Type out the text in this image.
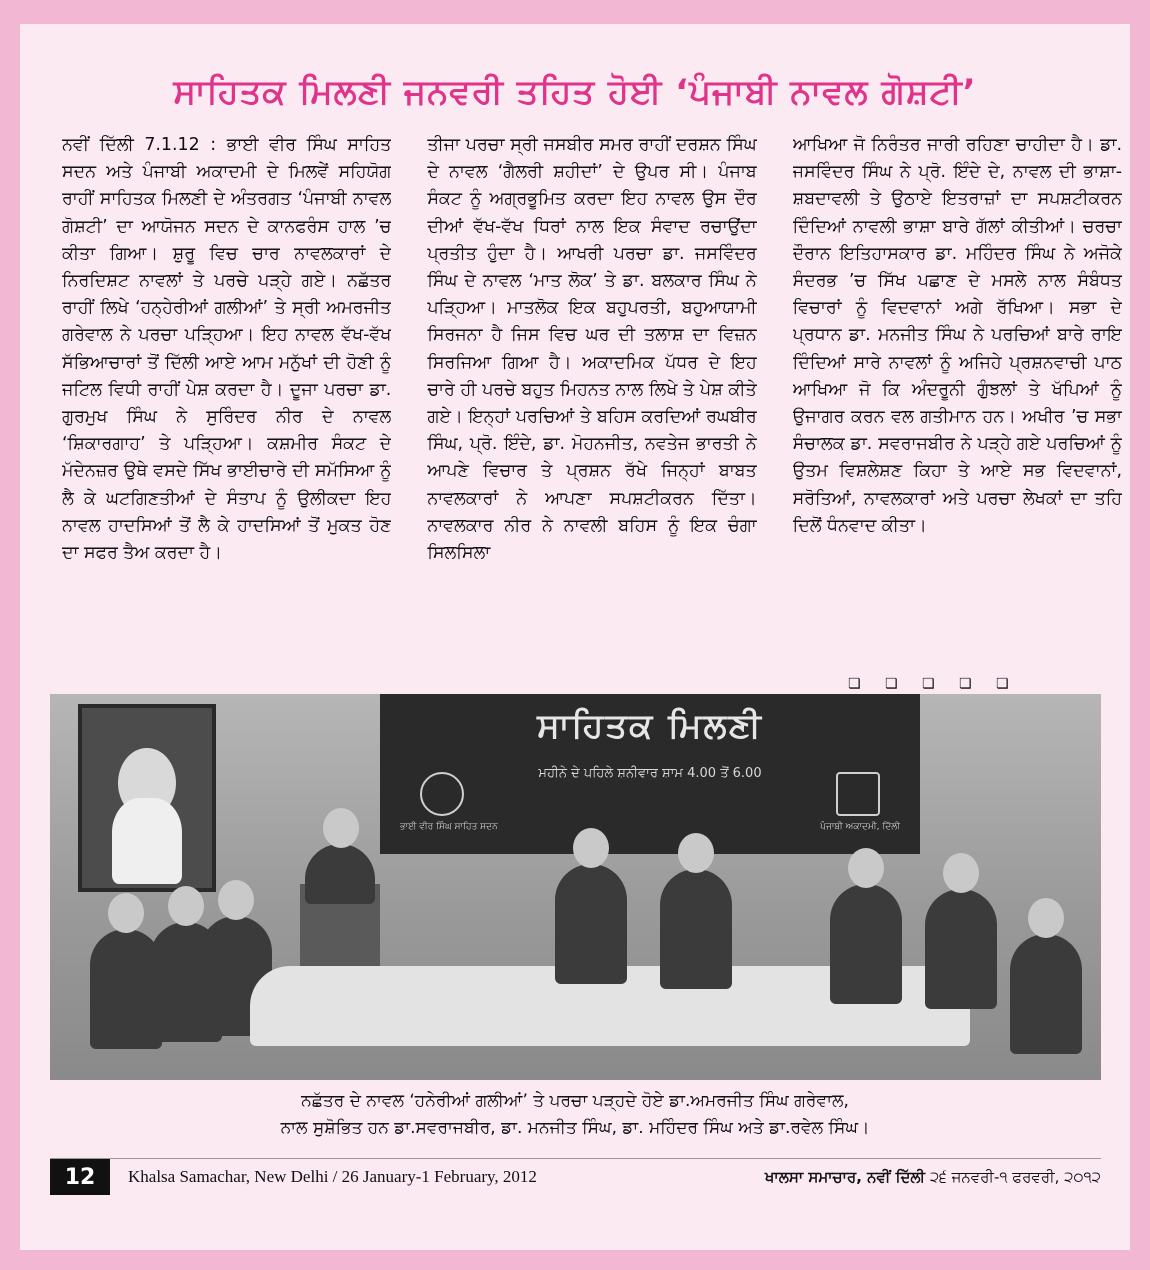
ਸਾਹਿਤਕ ਮਿਲਣੀ ਜਨਵਰੀ ਤਹਿਤ ਹੋਈ ‘ਪੰਜਾਬੀ ਨਾਵਲ ਗੋਸ਼ਟੀ’

ਨਵੀਂ ਦਿੱਲੀ 7.1.12 : ਭਾਈ ਵੀਰ ਸਿੰਘ ਸਾਹਿਤ ਸਦਨ ਅਤੇ ਪੰਜਾਬੀ ਅਕਾਦਮੀ ਦੇ ਮਿਲਵੇਂ ਸਹਿਯੋਗ ਰਾਹੀਂ ਸਾਹਿਤਕ ਮਿਲਣੀ ਦੇ ਅੰਤਰਗਤ ‘ਪੰਜਾਬੀ ਨਾਵਲ ਗੋਸ਼ਟੀ’ ਦਾ ਆਯੋਜਨ ਸਦਨ ਦੇ ਕਾਨਫਰੰਸ ਹਾਲ ’ਚ ਕੀਤਾ ਗਿਆ। ਸ਼ੁਰੂ ਵਿਚ ਚਾਰ ਨਾਵਲਕਾਰਾਂ ਦੇ ਨਿਰਦਿਸ਼ਟ ਨਾਵਲਾਂ ਤੇ ਪਰਚੇ ਪੜ੍ਹੇ ਗਏ। ਨਛੱਤਰ ਰਾਹੀਂ ਲਿਖੇ ‘ਹਨ੍ਹੇਰੀਆਂ ਗਲੀਆਂ’ ਤੇ ਸ੍ਰੀ ਅਮਰਜੀਤ ਗਰੇਵਾਲ ਨੇ ਪਰਚਾ ਪੜ੍ਹਿਆ। ਇਹ ਨਾਵਲ ਵੱਖ-ਵੱਖ ਸੱਭਿਆਚਾਰਾਂ ਤੋਂ ਦਿੱਲੀ ਆਏ ਆਮ ਮਨੁੱਖਾਂ ਦੀ ਹੋਣੀ ਨੂੰ ਜਟਿਲ ਵਿਧੀ ਰਾਹੀਂ ਪੇਸ਼ ਕਰਦਾ ਹੈ। ਦੂਜਾ ਪਰਚਾ ਡਾ. ਗੁਰਮੁਖ ਸਿੰਘ ਨੇ ਸੁਰਿੰਦਰ ਨੀਰ ਦੇ ਨਾਵਲ ‘ਸ਼ਿਕਾਰਗਾਹ’ ਤੇ ਪੜ੍ਹਿਆ। ਕਸ਼ਮੀਰ ਸੰਕਟ ਦੇ ਮੱਦੇਨਜ਼ਰ ਉਥੇ ਵਸਦੇ ਸਿੱਖ ਭਾਈਚਾਰੇ ਦੀ ਸਮੱਸਿਆ ਨੂੰ ਲੈ ਕੇ ਘਟਗਿਣਤੀਆਂ ਦੇ ਸੰਤਾਪ ਨੂੰ ਉਲੀਕਦਾ ਇਹ ਨਾਵਲ ਹਾਦਸਿਆਂ ਤੋਂ ਲੈ ਕੇ ਹਾਦਸਿਆਂ ਤੋਂ ਮੁਕਤ ਹੋਣ ਦਾ ਸਫਰ ਤੈਅ ਕਰਦਾ ਹੈ।

ਤੀਜਾ ਪਰਚਾ ਸ੍ਰੀ ਜਸਬੀਰ ਸਮਰ ਰਾਹੀਂ ਦਰਸ਼ਨ ਸਿੰਘ ਦੇ ਨਾਵਲ ‘ਗੈਲਰੀ ਸ਼ਹੀਦਾਂ’ ਦੇ ਉਪਰ ਸੀ। ਪੰਜਾਬ ਸੰਕਟ ਨੂੰ ਅਗ੍ਰਭੂਮਿਤ ਕਰਦਾ ਇਹ ਨਾਵਲ ਉਸ ਦੌਰ ਦੀਆਂ ਵੱਖ-ਵੱਖ ਧਿਰਾਂ ਨਾਲ ਇਕ ਸੰਵਾਦ ਰਚਾਉਂਦਾ ਪ੍ਰਤੀਤ ਹੁੰਦਾ ਹੈ। ਆਖਰੀ ਪਰਚਾ ਡਾ. ਜਸਵਿੰਦਰ ਸਿੰਘ ਦੇ ਨਾਵਲ ‘ਮਾਤ ਲੋਕ’ ਤੇ ਡਾ. ਬਲਕਾਰ ਸਿੰਘ ਨੇ ਪੜ੍ਹਿਆ। ਮਾਤਲੋਕ ਇਕ ਬਹੁਪਰਤੀ, ਬਹੁਆਯਾਮੀ ਸਿਰਜਨਾ ਹੈ ਜਿਸ ਵਿਚ ਘਰ ਦੀ ਤਲਾਸ਼ ਦਾ ਵਿਜ਼ਨ ਸਿਰਜਿਆ ਗਿਆ ਹੈ। ਅਕਾਦਮਿਕ ਪੱਧਰ ਦੇ ਇਹ ਚਾਰੇ ਹੀ ਪਰਚੇ ਬਹੁਤ ਮਿਹਨਤ ਨਾਲ ਲਿਖੇ ਤੇ ਪੇਸ਼ ਕੀਤੇ ਗਏ। ਇਨ੍ਹਾਂ ਪਰਚਿਆਂ ਤੇ ਬਹਿਸ ਕਰਦਿਆਂ ਰਘਬੀਰ ਸਿੰਘ, ਪ੍ਰੋ. ਇੰਦੇ, ਡਾ. ਮੋਹਨਜੀਤ, ਨਵਤੇਜ ਭਾਰਤੀ ਨੇ ਆਪਣੇ ਵਿਚਾਰ ਤੇ ਪ੍ਰਸ਼ਨ ਰੱਖੇ ਜਿਨ੍ਹਾਂ ਬਾਬਤ ਨਾਵਲਕਾਰਾਂ ਨੇ ਆਪਣਾ ਸਪਸ਼ਟੀਕਰਨ ਦਿੱਤਾ। ਨਾਵਲਕਾਰ ਨੀਰ ਨੇ ਨਾਵਲੀ ਬਹਿਸ ਨੂੰ ਇਕ ਚੰਗਾ ਸਿਲਸਿਲਾ

ਆਖਿਆ ਜੋ ਨਿਰੰਤਰ ਜਾਰੀ ਰਹਿਣਾ ਚਾਹੀਦਾ ਹੈ। ਡਾ. ਜਸਵਿੰਦਰ ਸਿੰਘ ਨੇ ਪ੍ਰੋ. ਇੰਦੇ ਦੇ, ਨਾਵਲ ਦੀ ਭਾਸ਼ਾ-ਸ਼ਬਦਾਵਲੀ ਤੇ ਉਠਾਏ ਇਤਰਾਜ਼ਾਂ ਦਾ ਸਪਸ਼ਟੀਕਰਨ ਦਿੰਦਿਆਂ ਨਾਵਲੀ ਭਾਸ਼ਾ ਬਾਰੇ ਗੱਲਾਂ ਕੀਤੀਆਂ। ਚਰਚਾ ਦੌਰਾਨ ਇਤਿਹਾਸਕਾਰ ਡਾ. ਮਹਿੰਦਰ ਸਿੰਘ ਨੇ ਅਜੋਕੇ ਸੰਦਰਭ ’ਚ ਸਿੱਖ ਪਛਾਣ ਦੇ ਮਸਲੇ ਨਾਲ ਸੰਬੰਧਤ ਵਿਚਾਰਾਂ ਨੂੰ ਵਿਦਵਾਨਾਂ ਅਗੇ ਰੱਖਿਆ। ਸਭਾ ਦੇ ਪ੍ਰਧਾਨ ਡਾ. ਮਨਜੀਤ ਸਿੰਘ ਨੇ ਪਰਚਿਆਂ ਬਾਰੇ ਰਾਇ ਦਿੰਦਿਆਂ ਸਾਰੇ ਨਾਵਲਾਂ ਨੂੰ ਅਜਿਹੇ ਪ੍ਰਸ਼ਨਵਾਚੀ ਪਾਠ ਆਖਿਆ ਜੋ ਕਿ ਅੰਦਰੂਨੀ ਗੁੰਝਲਾਂ ਤੇ ਖੱਪਿਆਂ ਨੂੰ ਉਜਾਗਰ ਕਰਨ ਵਲ ਗਤੀਮਾਨ ਹਨ। ਅਖੀਰ ’ਚ ਸਭਾ ਸੰਚਾਲਕ ਡਾ. ਸਵਰਾਜਬੀਰ ਨੇ ਪੜ੍ਹੇ ਗਏ ਪਰਚਿਆਂ ਨੂੰ ਉਤਮ ਵਿਸ਼ਲੇਸ਼ਣ ਕਿਹਾ ਤੇ ਆਏ ਸਭ ਵਿਦਵਾਨਾਂ, ਸਰੋਤਿਆਂ, ਨਾਵਲਕਾਰਾਂ ਅਤੇ ਪਰਚਾ ਲੇਖਕਾਂ ਦਾ ਤਹਿ ਦਿਲੋਂ ਧੰਨਵਾਦ ਕੀਤਾ।

❏ ❏ ❏ ❏ ❏
ਸਾਹਿਤਕ ਮਿਲਣੀ
ਮਹੀਨੇ ਦੇ ਪਹਿਲੇ ਸ਼ਨੀਵਾਰ ਸ਼ਾਮ 4.00 ਤੋਂ 6.00
ਭਾਈ ਵੀਰ ਸਿੰਘ ਸਾਹਿਤ ਸਦਨ	ਪੰਜਾਬੀ ਅਕਾਦਮੀ, ਦਿੱਲੀ
ਨਛੱਤਰ ਦੇ ਨਾਵਲ ‘ਹਨੇਰੀਆਂ ਗਲੀਆਂ’ ਤੇ ਪਰਚਾ ਪੜ੍ਹਦੇ ਹੋਏ ਡਾ.ਅਮਰਜੀਤ ਸਿੰਘ ਗਰੇਵਾਲ,
ਨਾਲ ਸੁਸ਼ੋਭਿਤ ਹਨ ਡਾ.ਸਵਰਾਜਬੀਰ, ਡਾ. ਮਨਜੀਤ ਸਿੰਘ, ਡਾ. ਮਹਿੰਦਰ ਸਿੰਘ ਅਤੇ ਡਾ.ਰਵੇਲ ਸਿੰਘ।
12	Khalsa Samachar, New Delhi / 26 January-1 February, 2012	ਖਾਲਸਾ ਸਮਾਚਾਰ, ਨਵੀਂ ਦਿੱਲੀ ੨੬ ਜਨਵਰੀ-੧ ਫਰਵਰੀ, ੨੦੧੨
